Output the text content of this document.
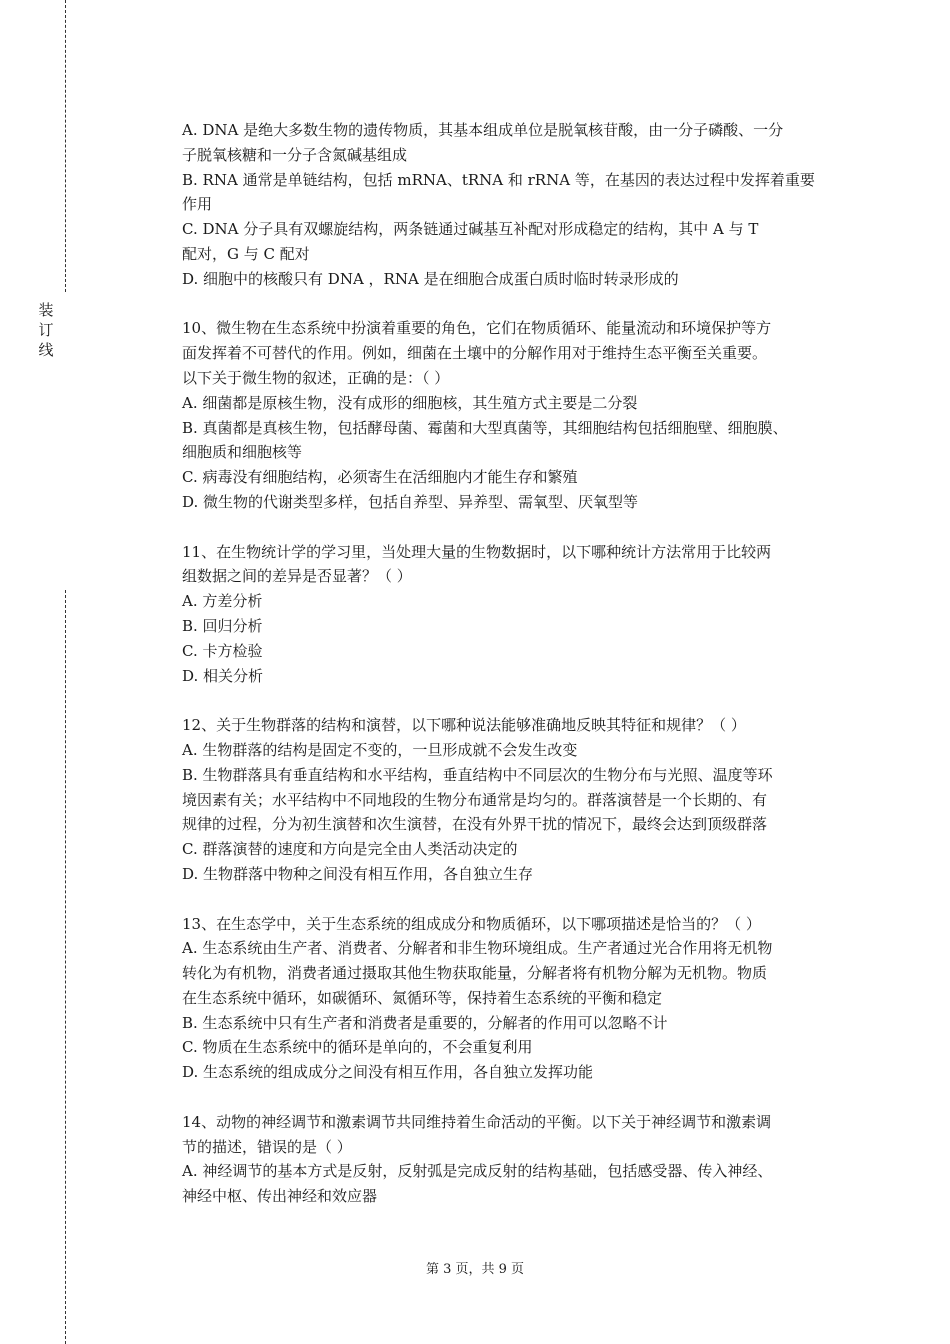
装
订
线
A. DNA 是绝大多数生物的遗传物质，其基本组成单位是脱氧核苷酸，由一分子磷酸、一分
子脱氧核糖和一分子含氮碱基组成
B. RNA 通常是单链结构，包括 mRNA、tRNA 和 rRNA 等，在基因的表达过程中发挥着重要
作用
C. DNA 分子具有双螺旋结构，两条链通过碱基互补配对形成稳定的结构，其中 A 与 T
配对，G 与 C 配对
D. 细胞中的核酸只有 DNA ，RNA 是在细胞合成蛋白质时临时转录形成的
10、微生物在生态系统中扮演着重要的角色，它们在物质循环、能量流动和环境保护等方
面发挥着不可替代的作用。例如，细菌在土壤中的分解作用对于维持生态平衡至关重要。
以下关于微生物的叙述，正确的是：（ ）
A. 细菌都是原核生物，没有成形的细胞核，其生殖方式主要是二分裂
B. 真菌都是真核生物，包括酵母菌、霉菌和大型真菌等，其细胞结构包括细胞壁、细胞膜、
细胞质和细胞核等
C. 病毒没有细胞结构，必须寄生在活细胞内才能生存和繁殖
D. 微生物的代谢类型多样，包括自养型、异养型、需氧型、厌氧型等
11、在生物统计学的学习里，当处理大量的生物数据时，以下哪种统计方法常用于比较两
组数据之间的差异是否显著？（ ）
A. 方差分析
B. 回归分析
C. 卡方检验
D. 相关分析
12、关于生物群落的结构和演替，以下哪种说法能够准确地反映其特征和规律？（ ）
A. 生物群落的结构是固定不变的，一旦形成就不会发生改变
B. 生物群落具有垂直结构和水平结构，垂直结构中不同层次的生物分布与光照、温度等环
境因素有关；水平结构中不同地段的生物分布通常是均匀的。群落演替是一个长期的、有
规律的过程，分为初生演替和次生演替，在没有外界干扰的情况下，最终会达到顶级群落
C. 群落演替的速度和方向是完全由人类活动决定的
D. 生物群落中物种之间没有相互作用，各自独立生存
13、在生态学中，关于生态系统的组成成分和物质循环，以下哪项描述是恰当的？（ ）
A. 生态系统由生产者、消费者、分解者和非生物环境组成。生产者通过光合作用将无机物
转化为有机物，消费者通过摄取其他生物获取能量，分解者将有机物分解为无机物。物质
在生态系统中循环，如碳循环、氮循环等，保持着生态系统的平衡和稳定
B. 生态系统中只有生产者和消费者是重要的，分解者的作用可以忽略不计
C. 物质在生态系统中的循环是单向的，不会重复利用
D. 生态系统的组成成分之间没有相互作用，各自独立发挥功能
14、动物的神经调节和激素调节共同维持着生命活动的平衡。以下关于神经调节和激素调
节的描述，错误的是（ ）
A. 神经调节的基本方式是反射，反射弧是完成反射的结构基础，包括感受器、传入神经、
神经中枢、传出神经和效应器
第 3 页，共 9 页
